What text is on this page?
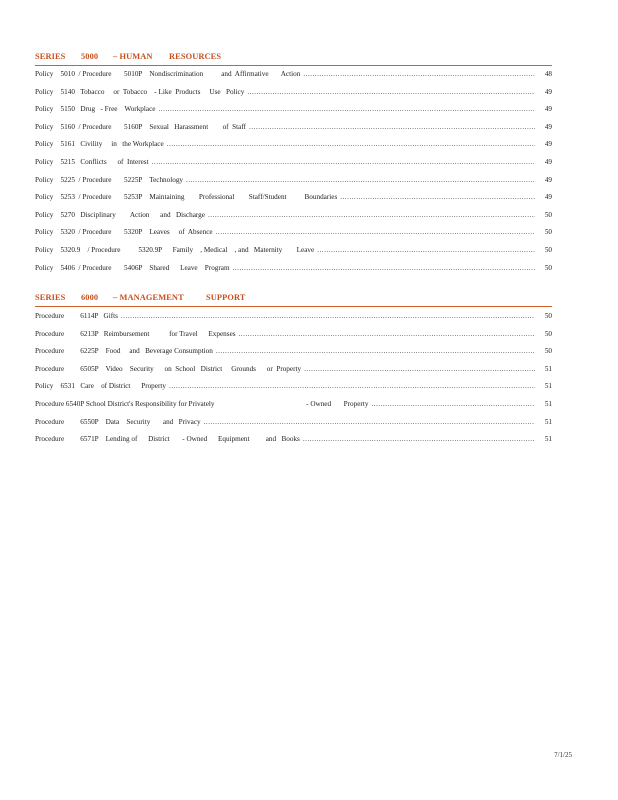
SERIES 5000 – HUMAN RESOURCES
Policy    5010  / Procedure       5010P    Nondiscrimination          and  Affirmative       Action .....	48
Policy    5140   Tobacco     or  Tobacco    - Like  Products     Use   Policy .....	49
Policy    5150   Drug   - Free    Workplace .....	49
Policy    5160  / Procedure       5160P    Sexual   Harassment        of  Staff .....	49
Policy    5161   Civility     in   the Workplace .....	49
Policy    5215   Conflicts      of  Interest .....	49
Policy    5225  / Procedure       5225P    Technology .....	49
Policy    5253  / Procedure       5253P    Maintaining        Professional        Staff/Student          Boundaries .....	49
Policy    5270   Disciplinary        Action      and   Discharge .....	50
Policy    5320  / Procedure       5320P    Leaves     of  Absence .....	50
Policy    5320.9    / Procedure          5320.9P      Family    , Medical    , and   Maternity        Leave .....	50
Policy    5406  / Procedure       5406P    Shared      Leave    Program .....	50
SERIES 6000 – MANAGEMENT	SUPPORT
Procedure         6114P   Gifts .....	50
Procedure         6213P   Reimbursement           for Travel      Expenses .....	50
Procedure         6225P    Food     and   Beverage Consumption .....	50
Procedure         6505P    Video    Security      on  School   District     Grounds      or  Property .....	51
Policy    6531   Care    of District      Property .....	51
Procedure 6540P School District's Responsibility for Privately                                                   - Owned       Property .....	51
Procedure         6550P    Data    Security       and   Privacy .....	51
Procedure         6571P    Lending of      District       - Owned      Equipment         and   Books .....	51
7/1/25
